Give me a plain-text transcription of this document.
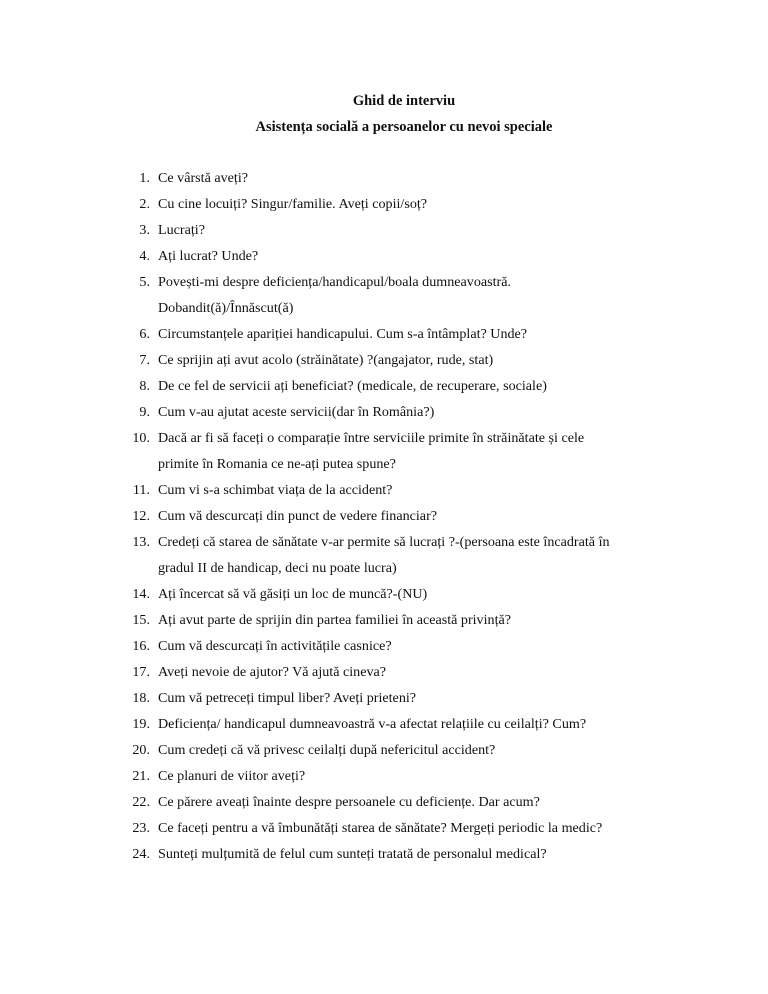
Ghid de interviu
Asistența socială a persoanelor cu nevoi speciale
1. Ce vârstă aveți?
2. Cu cine locuiți? Singur/familie. Aveți copii/soț?
3. Lucrați?
4. Ați lucrat? Unde?
5. Povești-mi despre deficiența/handicapul/boala dumneavoastră.
Dobandit(ă)/Înnăscut(ă)
6. Circumstanțele apariției handicapului. Cum s-a întâmplat? Unde?
7. Ce sprijin ați avut acolo (străinătate) ?(angajator, rude, stat)
8. De ce fel de servicii ați beneficiat? (medicale, de recuperare, sociale)
9. Cum v-au ajutat aceste servicii(dar în România?)
10. Dacă ar fi să faceți o comparație între serviciile primite în străinătate și cele
primite în Romania ce ne-ați putea spune?
11. Cum vi s-a schimbat viața de la accident?
12. Cum vă descurcați din punct de vedere financiar?
13. Credeți că starea de sănătate v-ar permite să lucrați ?-(persoana este încadrată în
gradul II de handicap, deci nu poate lucra)
14. Ați încercat să vă găsiți un loc de muncă?-(NU)
15. Ați avut parte de sprijin din partea familiei în această privință?
16. Cum vă descurcați în activitățile casnice?
17. Aveți nevoie de ajutor? Vă ajută cineva?
18. Cum vă petreceți timpul liber? Aveți prieteni?
19. Deficiența/ handicapul dumneavoastră v-a afectat relațiile cu ceilalți? Cum?
20. Cum credeți că vă privesc ceilalți după nefericitul accident?
21. Ce planuri de viitor aveți?
22. Ce părere aveați înainte despre persoanele cu deficiențe. Dar acum?
23. Ce faceți pentru a vă îmbunătăți starea de sănătate? Mergeți periodic la medic?
24. Sunteți mulțumită de felul cum sunteți tratată de personalul medical?
